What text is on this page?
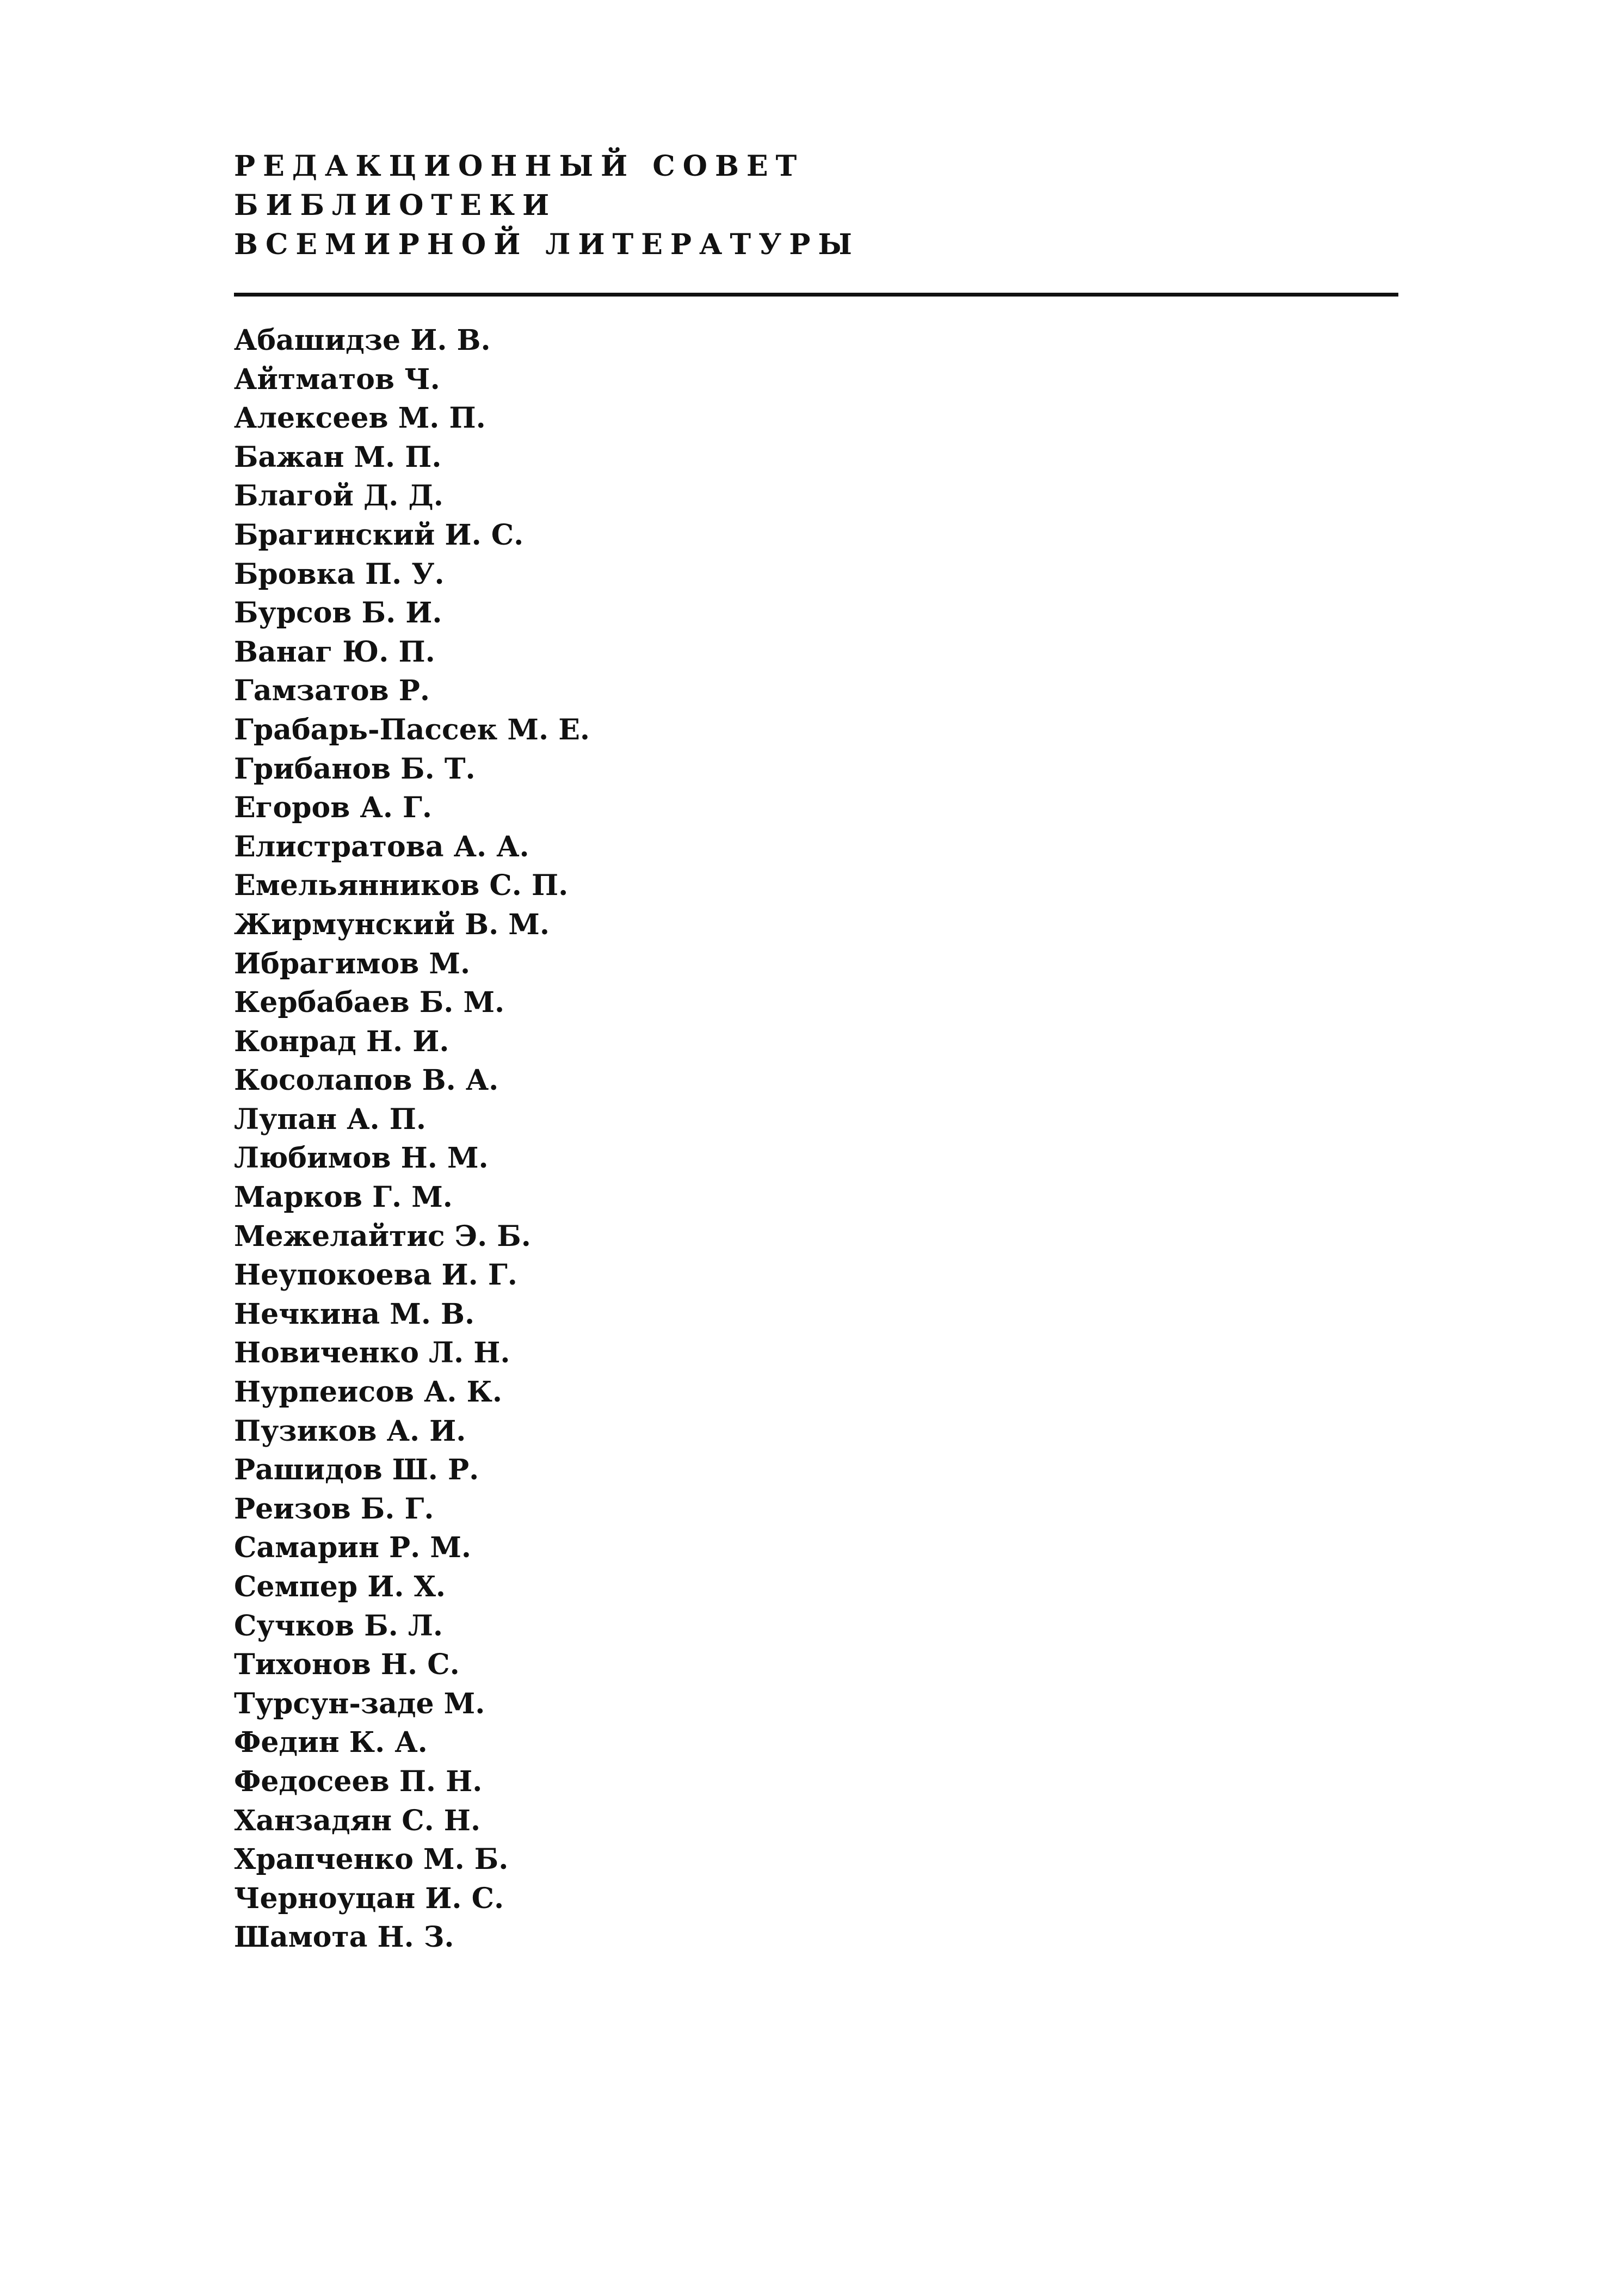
РЕДАКЦИОННЫЙ СОВЕТ
БИБЛИОТЕКИ
ВСЕМИРНОЙ ЛИТЕРАТУРЫ
Абашидзе И. В.
Айтматов Ч.
Алексеев М. П.
Бажан М. П.
Благой Д. Д.
Брагинский И. С.
Бровка П. У.
Бурсов Б. И.
Ванаг Ю. П.
Гамзатов Р.
Грабарь-Пассек М. Е.
Грибанов Б. Т.
Егоров А. Г.
Елистратова А. А.
Емельянников С. П.
Жирмунский В. М.
Ибрагимов М.
Кербабаев Б. М.
Конрад Н. И.
Косолапов В. А.
Лупан А. П.
Любимов Н. М.
Марков Г. М.
Межелайтис Э. Б.
Неупокоева И. Г.
Нечкина М. В.
Новиченко Л. Н.
Нурпеисов А. К.
Пузиков А. И.
Рашидов Ш. Р.
Реизов Б. Г.
Самарин Р. М.
Семпер И. Х.
Сучков Б. Л.
Тихонов Н. С.
Турсун-заде М.
Федин К. А.
Федосеев П. Н.
Ханзадян С. Н.
Храпченко М. Б.
Черноуцан И. С.
Шамота Н. З.
